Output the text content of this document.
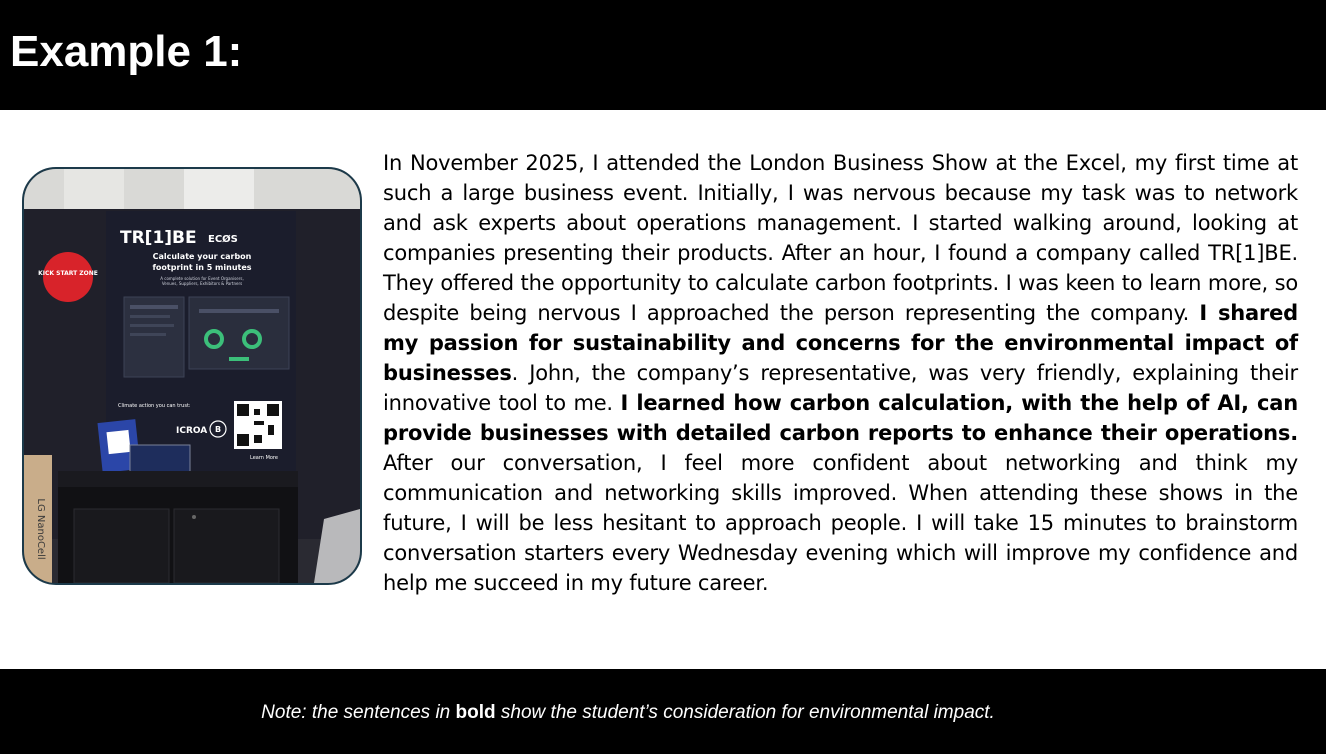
Example 1:
KICK START ZONE
TR[1]BE ECØS
Calculate your carbon
footprint in 5 minutes
A complete solution for Event Organisers,
Venues, Suppliers, Exhibitors & Partners
Climate action you can trust:
ICROA B
Learn More
LG NanoCell

In November 2025, I attended the London Business Show at the Excel, my first time at such a large business event. Initially, I was nervous because my task was to network and ask experts about operations management. I started walking around, looking at companies presenting their products. After an hour, I found a company called TR[1]BE. They offered the opportunity to calculate carbon footprints. I was keen to learn more, so despite being nervous I approached the person representing the company. I shared my passion for sustainability and concerns for the environmental impact of businesses. John, the company’s representative, was very friendly, explaining their innovative tool to me. I learned how carbon calculation, with the help of AI, can provide businesses with detailed carbon reports to enhance their operations. After our conversation, I feel more confident about networking and think my communication and networking skills improved. When attending these shows in the future, I will be less hesitant to approach people. I will take 15 minutes to brainstorm conversation starters every Wednesday evening which will improve my confidence and help me succeed in my future career.

Note: the sentences in bold show the student’s consideration for environmental impact.
